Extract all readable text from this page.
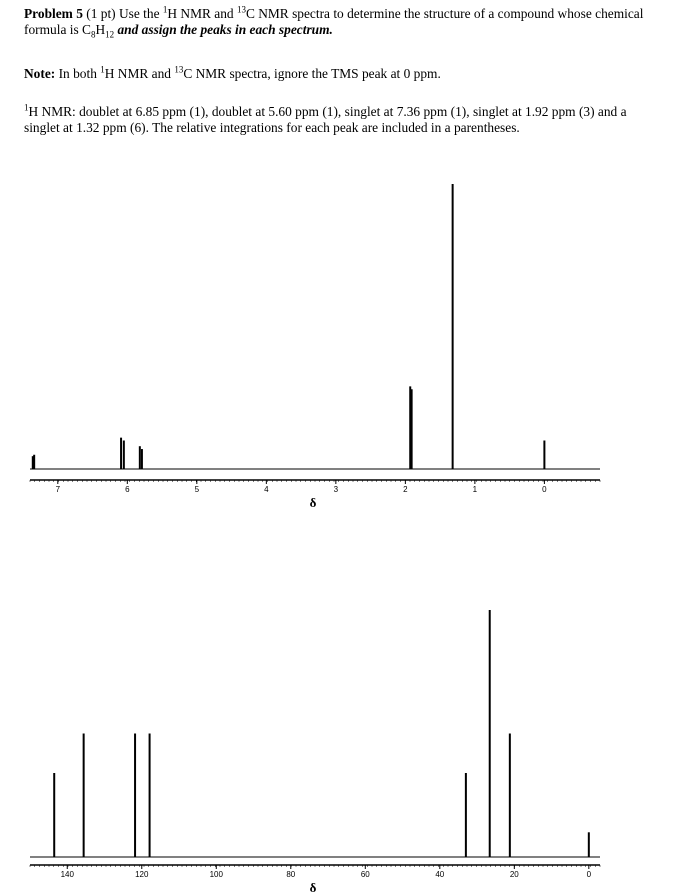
Problem 5 (1 pt) Use the $^1$H NMR and $^{13}$C NMR spectra to determine the structure of a compound whose chemical formula is $C_8H_{12}$ and assign the peaks in each spectrum.
Note: In both $^1$H NMR and $^{13}$C NMR spectra, ignore the TMS peak at 0 ppm.
$^1$H NMR: doublet at 6.85 ppm (1), doublet at 5.60 ppm (1), singlet at 7.36 ppm (1), singlet at 1.92 ppm (3) and a singlet at 1.32 ppm (6). The relative integrations for each peak are included in a parentheses.
7	6	5	4	3	2	1	0
δ
140	120	100	80	60	40	20	0
δ
